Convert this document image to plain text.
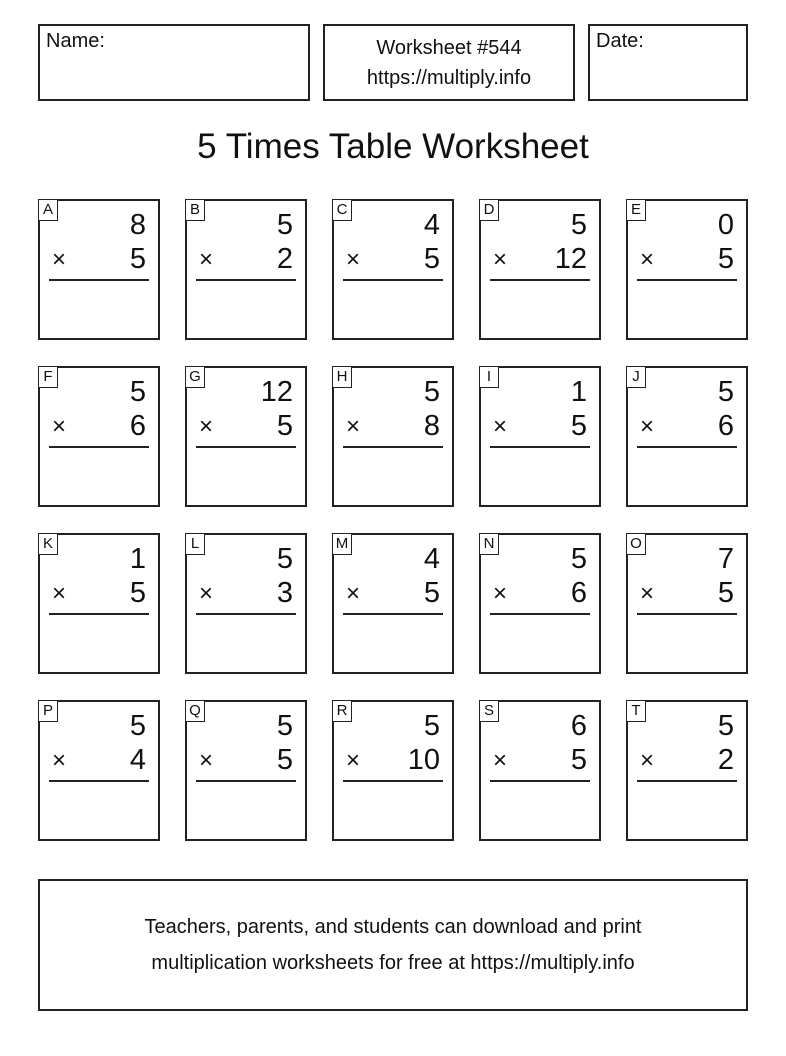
Name:	Worksheet #544
https://multiply.info
Date:
5 Times Table Worksheet
A	8
× 5
B	5
× 2
C	4
× 5
D	5
× 12
E	0
× 5
F	5
× 6
G 12
× 5
H	5
× 8
I	1
× 5
J	5
× 6
K	1
× 5
L	5
× 3
M	4
× 5
N	5
× 6
O	7
× 5
P	5
× 4
Q	5
× 5
R	5
× 10
S	6
× 5
T	5
× 2
Teachers, parents, and students can download and print
multiplication worksheets for free at https://multiply.info
